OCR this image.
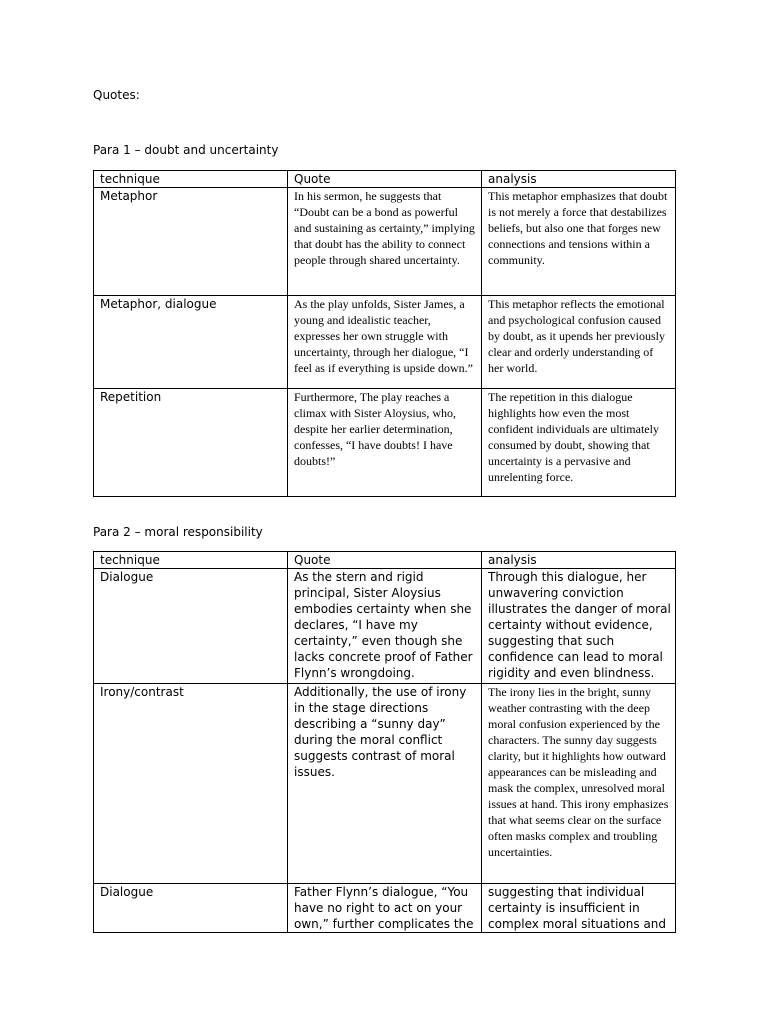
Quotes:
Para 1 – doubt and uncertainty
technique	Quote	analysis
Metaphor	In his sermon, he suggests that “Doubt can be a bond as powerful and sustaining as certainty,” implying that doubt has the ability to connect people through shared uncertainty.	This metaphor emphasizes that doubt is not merely a force that destabilizes beliefs, but also one that forges new connections and tensions within a community.
Metaphor, dialogue	As the play unfolds, Sister James, a young and idealistic teacher, expresses her own struggle with uncertainty, through her dialogue, “I feel as if everything is upside down.”	This metaphor reflects the emotional and psychological confusion caused by doubt, as it upends her previously clear and orderly understanding of her world.
Repetition	Furthermore, The play reaches a climax with Sister Aloysius, who, despite her earlier determination, confesses, “I have doubts! I have doubts!”	The repetition in this dialogue highlights how even the most confident individuals are ultimately consumed by doubt, showing that uncertainty is a pervasive and unrelenting force.
Para 2 – moral responsibility
technique	Quote	analysis
Dialogue	As the stern and rigid principal, Sister Aloysius embodies certainty when she declares, “I have my certainty,” even though she lacks concrete proof of Father Flynn’s wrongdoing.	Through this dialogue, her unwavering conviction illustrates the danger of moral certainty without evidence, suggesting that such confidence can lead to moral rigidity and even blindness.
Irony/contrast	Additionally, the use of irony in the stage directions describing a “sunny day” during the moral conflict suggests contrast of moral issues.	The irony lies in the bright, sunny weather contrasting with the deep moral confusion experienced by the characters. The sunny day suggests clarity, but it highlights how outward appearances can be misleading and mask the complex, unresolved moral issues at hand. This irony emphasizes that what seems clear on the surface often masks complex and troubling uncertainties.
Dialogue	Father Flynn’s dialogue, “You have no right to act on your own,” further complicates the	suggesting that individual certainty is insufficient in complex moral situations and
